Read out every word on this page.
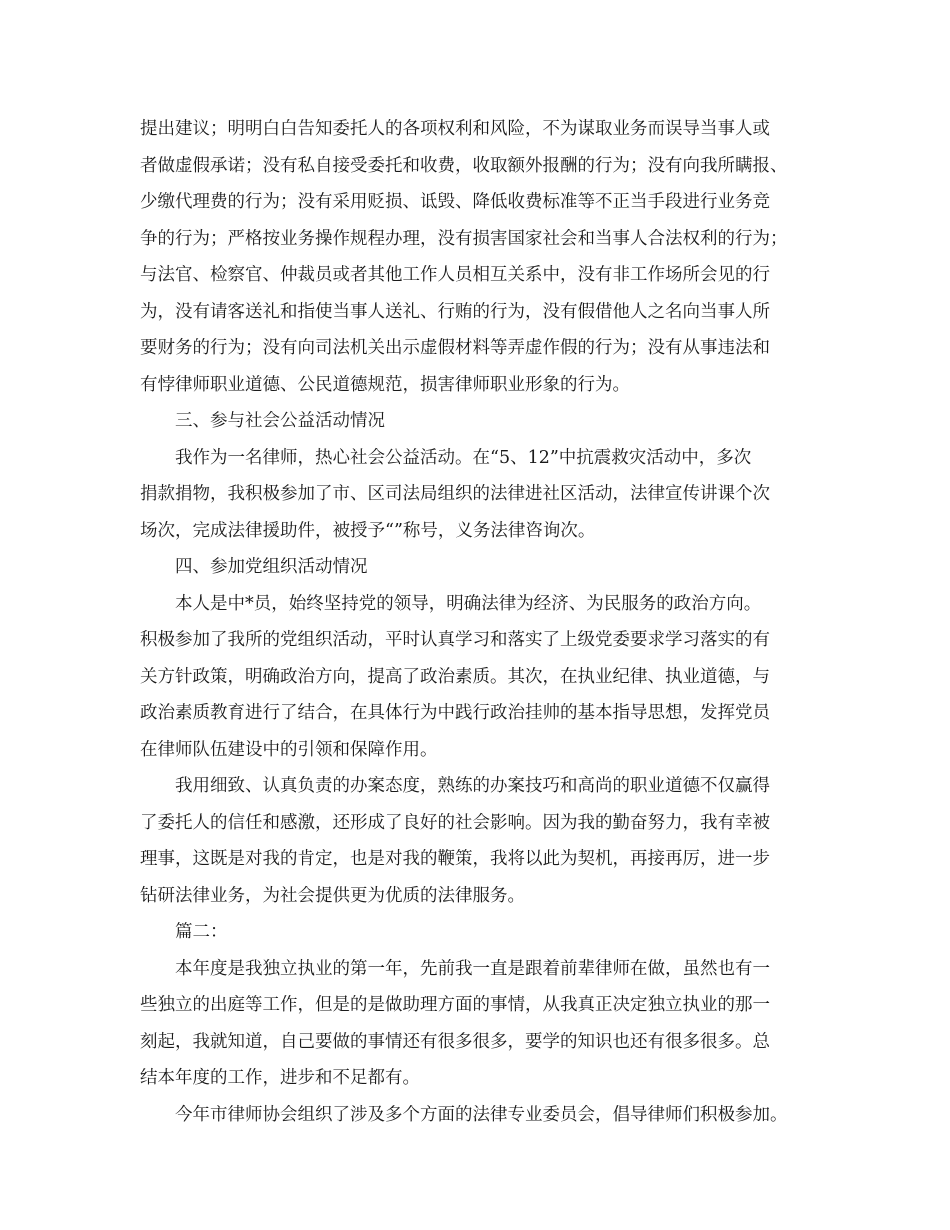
提出建议；明明白白告知委托人的各项权利和风险，不为谋取业务而误导当事人或
者做虚假承诺；没有私自接受委托和收费，收取额外报酬的行为；没有向我所瞒报、
少缴代理费的行为；没有采用贬损、诋毁、降低收费标准等不正当手段进行业务竞
争的行为；严格按业务操作规程办理，没有损害国家社会和当事人合法权利的行为；
与法官、检察官、仲裁员或者其他工作人员相互关系中，没有非工作场所会见的行
为，没有请客送礼和指使当事人送礼、行贿的行为，没有假借他人之名向当事人所
要财务的行为；没有向司法机关出示虚假材料等弄虚作假的行为；没有从事违法和
有悖律师职业道德、公民道德规范，损害律师职业形象的行为。
三、参与社会公益活动情况
我作为一名律师，热心社会公益活动。在“5、12”中抗震救灾活动中，多次
捐款捐物，我积极参加了市、区司法局组织的法律进社区活动，法律宣传讲课个次
场次，完成法律援助件，被授予“”称号，义务法律咨询次。
四、参加党组织活动情况
本人是中*员，始终坚持党的领导，明确法律为经济、为民服务的政治方向。
积极参加了我所的党组织活动，平时认真学习和落实了上级党委要求学习落实的有
关方针政策，明确政治方向，提高了政治素质。其次，在执业纪律、执业道德，与
政治素质教育进行了结合，在具体行为中践行政治挂帅的基本指导思想，发挥党员
在律师队伍建设中的引领和保障作用。
我用细致、认真负责的办案态度，熟练的办案技巧和高尚的职业道德不仅赢得
了委托人的信任和感激，还形成了良好的社会影响。因为我的勤奋努力，我有幸被
理事，这既是对我的肯定，也是对我的鞭策，我将以此为契机，再接再厉，进一步
钻研法律业务，为社会提供更为优质的法律服务。
篇二：
本年度是我独立执业的第一年，先前我一直是跟着前辈律师在做，虽然也有一
些独立的出庭等工作，但是的是做助理方面的事情，从我真正决定独立执业的那一
刻起，我就知道，自己要做的事情还有很多很多，要学的知识也还有很多很多。总
结本年度的工作，进步和不足都有。
今年市律师协会组织了涉及多个方面的法律专业委员会，倡导律师们积极参加。
